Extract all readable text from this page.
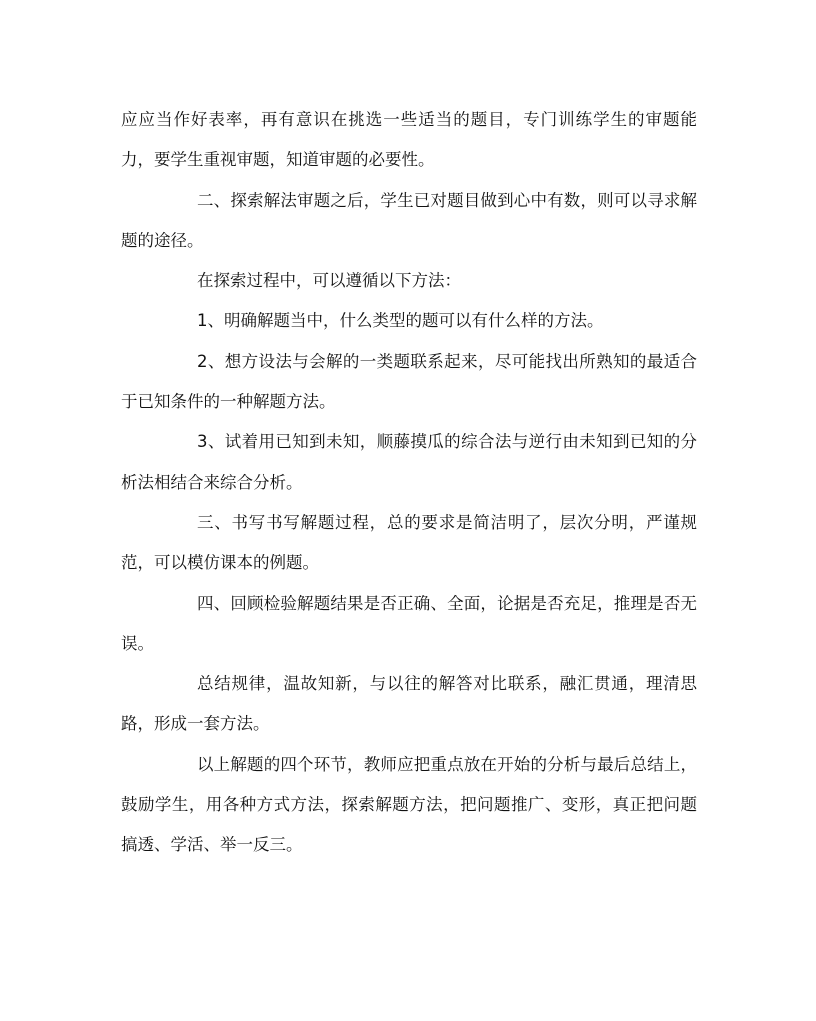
应应当作好表率，再有意识在挑选一些适当的题目，专门训练学生的审题能力，要学生重视审题，知道审题的必要性。

二、探索解法审题之后，学生已对题目做到心中有数，则可以寻求解题的途径。

在探索过程中，可以遵循以下方法：

1、明确解题当中，什么类型的题可以有什么样的方法。

2、想方设法与会解的一类题联系起来，尽可能找出所熟知的最适合于已知条件的一种解题方法。

3、试着用已知到未知，顺藤摸瓜的综合法与逆行由未知到已知的分析法相结合来综合分析。

三、书写书写解题过程，总的要求是简洁明了，层次分明，严谨规范，可以模仿课本的例题。

四、回顾检验解题结果是否正确、全面，论据是否充足，推理是否无误。

总结规律，温故知新，与以往的解答对比联系，融汇贯通，理清思路，形成一套方法。

以上解题的四个环节，教师应把重点放在开始的分析与最后总结上，鼓励学生，用各种方式方法，探索解题方法，把问题推广、变形，真正把问题搞透、学活、举一反三。
